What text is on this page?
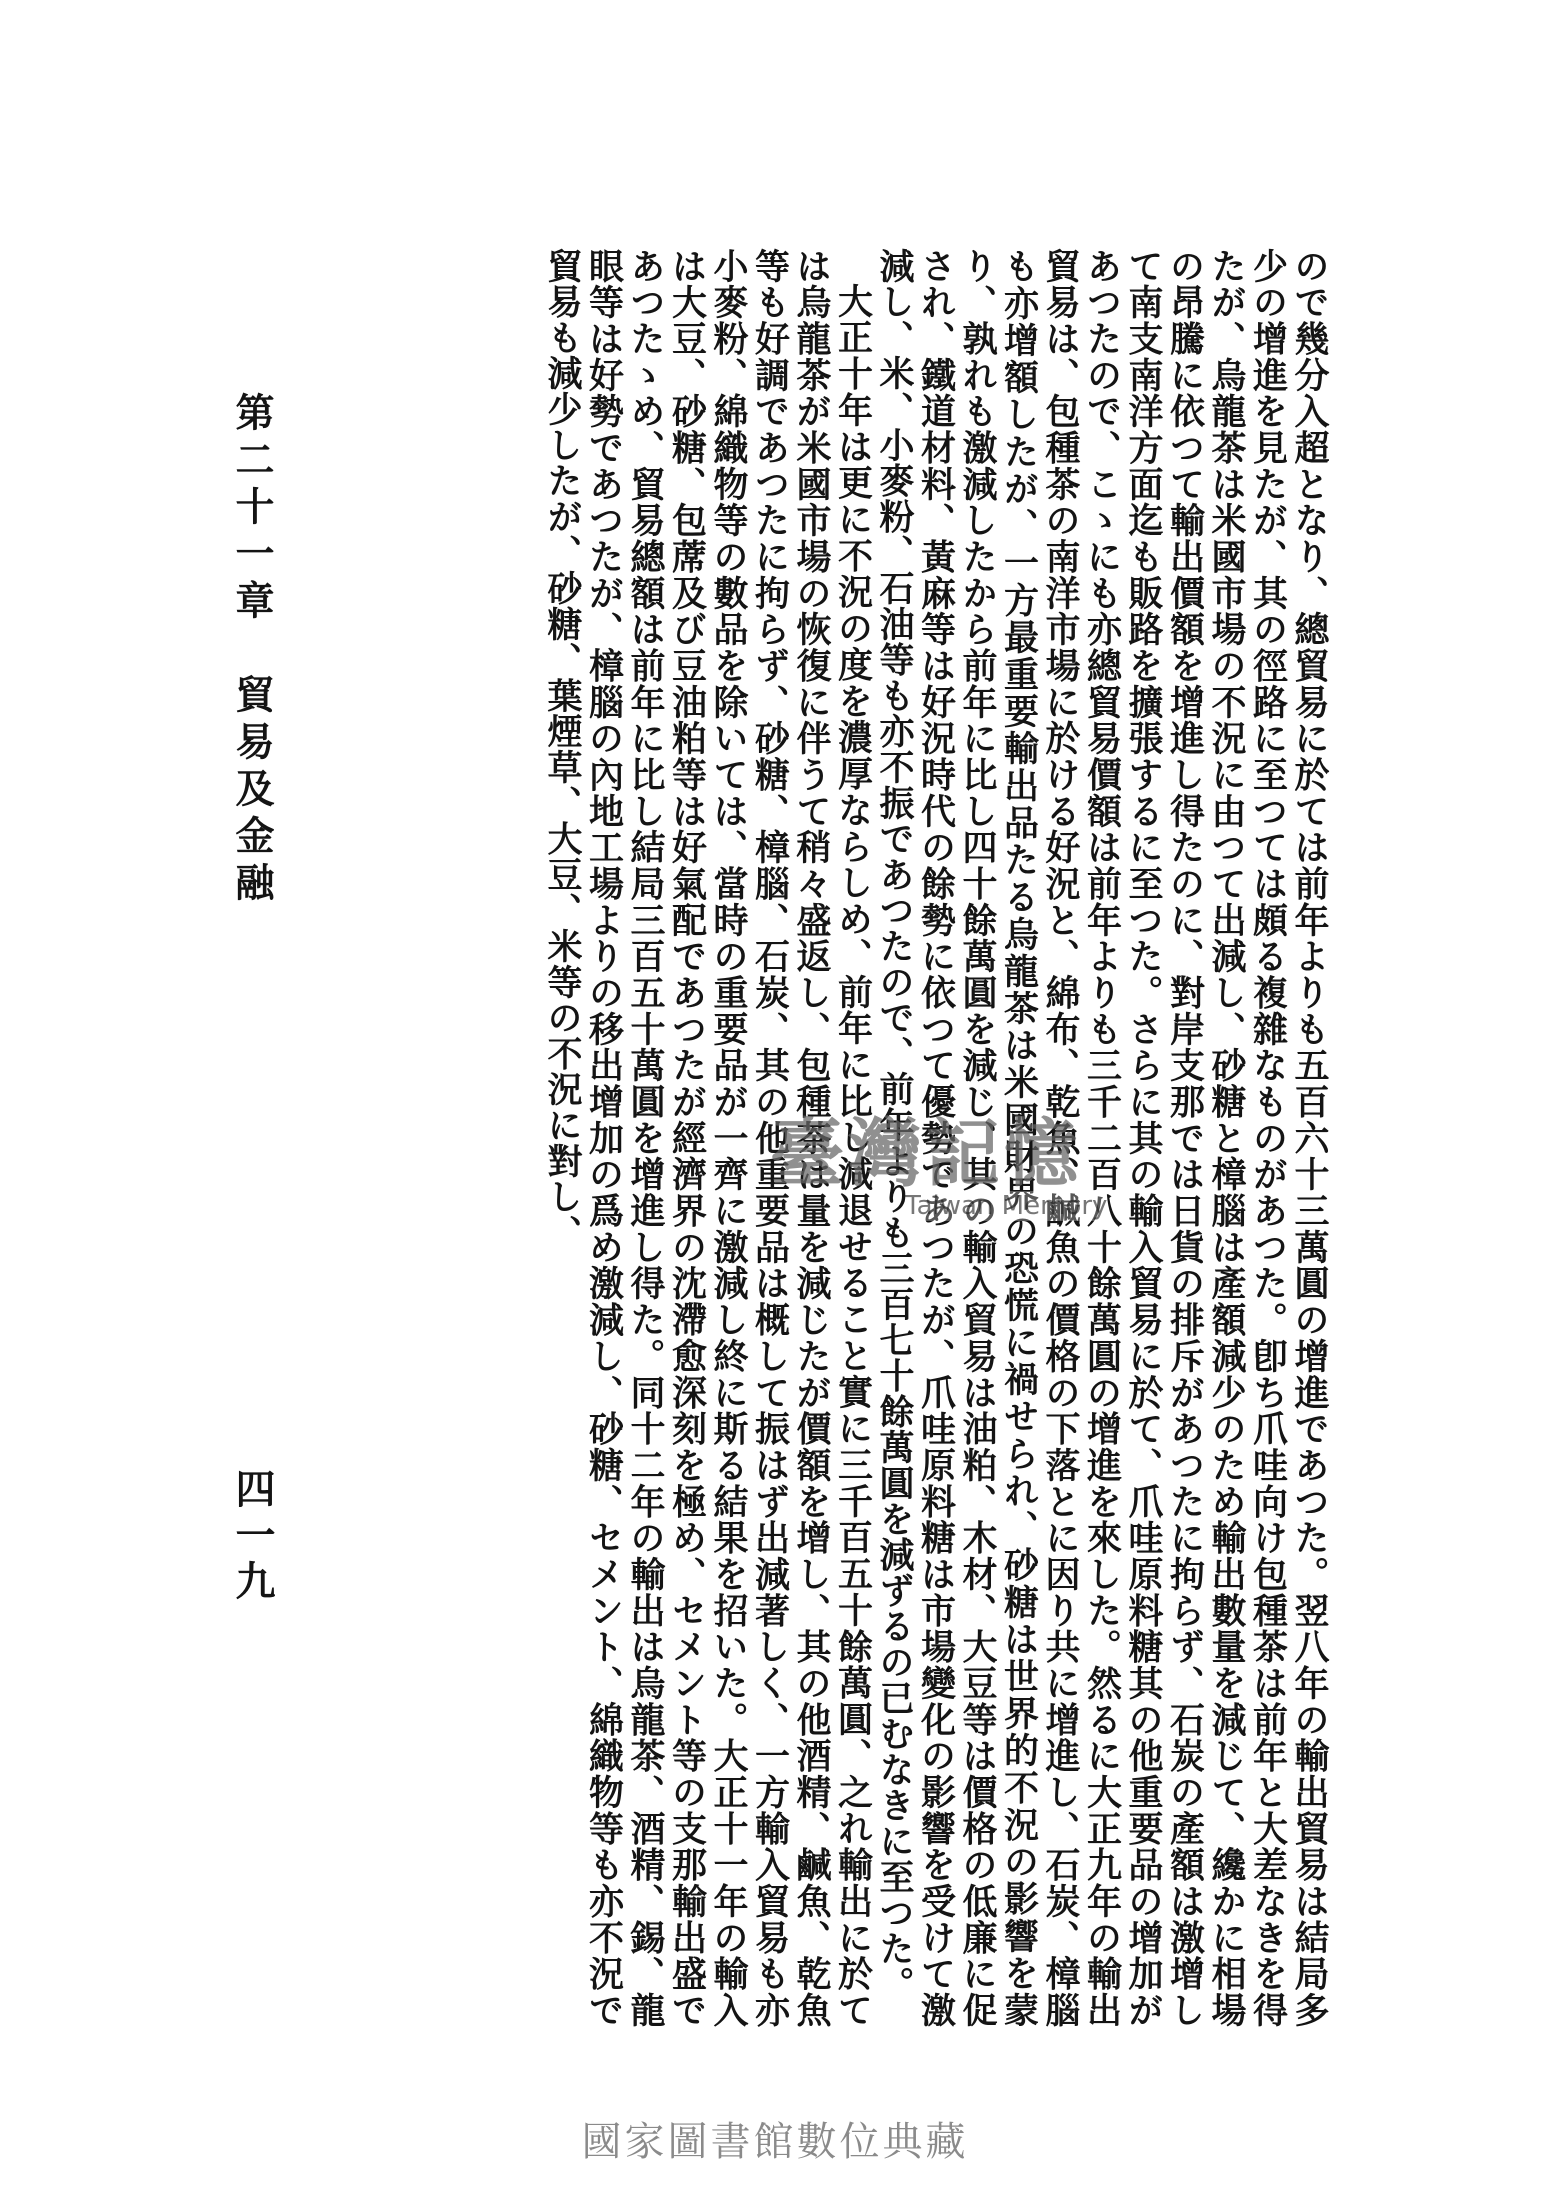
ので幾分入超となり、總貿易に於ては前年よりも五百六十三萬圓の增進であつた。翌八年の輸出貿易は結局多少の增進を見たが、其の徑路に至つては頗る複雜なものがあつた。卽ち爪哇向け包種茶は前年と大差なきを得たが、烏龍茶は米國市場の不況に由つて出減し、砂糖と樟腦は產額減少のため輸出數量を減じて、纔かに相場の昂騰に依つて輸出價額を增進し得たのに、對岸支那では日貨の排斥があつたに拘らず、石炭の產額は激增して南支南洋方面迄も販路を擴張するに至つた。さらに其の輸入貿易に於て、爪哇原料糖其の他重要品の增加があつたので、こゝにも亦總貿易價額は前年よりも三千二百八十餘萬圓の增進を來した。然るに大正九年の輸出貿易は、包種茶の南洋市場に於ける好況と、綿布、乾魚、鹹魚の價格の下落とに因り共に增進し、石炭、樟腦も亦增額したが、一方最重要輸出品たる烏龍茶は米國財界の恐慌に禍せられ、砂糖は世界的不況の影響を蒙り、孰れも激減したから前年に比し四十餘萬圓を減じ、其の輸入貿易は油粕、木材、大豆等は價格の低廉に促され、鐵道材料、黃麻等は好況時代の餘勢に依つて優勢であつたが、爪哇原料糖は市場變化の影響を受けて激減し、米、小麥粉、石油等も亦不振であつたので、前年よりも三百七十餘萬圓を減ずるの已むなきに至つた。

大正十年は更に不況の度を濃厚ならしめ、前年に比し減退せること實に三千百五十餘萬圓、之れ輸出に於ては烏龍茶が米國市場の恢復に伴うて稍々盛返し、包種茶は量を減じたが價額を增し、其の他酒精、鹹魚、乾魚等も好調であつたに拘らず、砂糖、樟腦、石炭、其の他重要品は概して振はず出減著しく、一方輸入貿易も亦小麥粉、綿織物等の數品を除いては、當時の重要品が一齊に激減し終に斯る結果を招いた。大正十一年の輸入は大豆、砂糖、包蓆及び豆油粕等は好氣配であつたが經濟界の沈滯愈深刻を極め、セメント等の支那輸出盛であつたゝめ、貿易總額は前年に比し結局三百五十萬圓を增進し得た。同十二年の輸出は烏龍茶、酒精、錫、龍眼等は好勢であつたが、樟腦の內地工場よりの移出增加の爲め激減し、砂糖、セメント、綿織物等も亦不況で貿易も減少したが、砂糖、葉煙草、大豆、米等の不況に對し、

第二十一章　貿易及金融
四一九
臺灣記憶
Taiwan Memory
國家圖書館數位典藏
